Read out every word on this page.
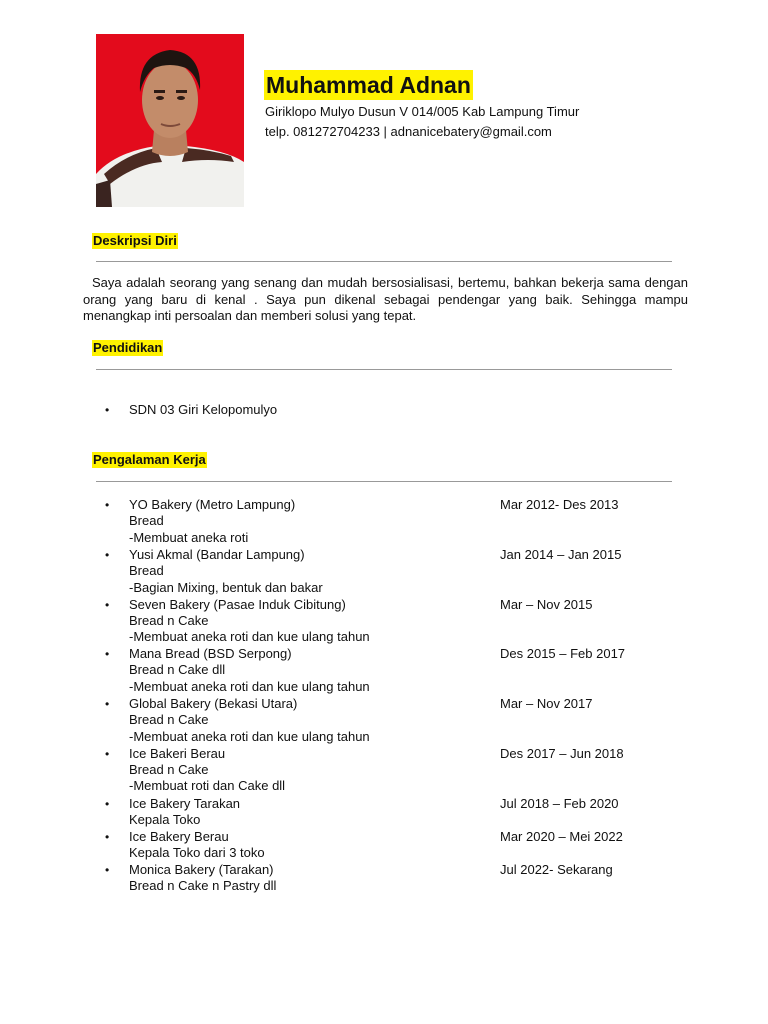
Muhammad Adnan
Giriklopo Mulyo Dusun V 014/005 Kab Lampung Timur
telp. 081272704233 | adnanicebatery@gmail.com
Deskripsi Diri
Saya adalah seorang yang senang dan mudah bersosialisasi, bertemu, bahkan bekerja sama dengan orang yang baru di kenal . Saya pun dikenal sebagai pendengar yang baik. Sehingga mampu menangkap inti persoalan dan memberi solusi yang tepat.
Pendidikan
• SDN 03 Giri Kelopomulyo
Pengalaman Kerja
• YO Bakery (Metro Lampung)	Mar 2012- Des 2013
Bread
-Membuat aneka roti
• Yusi Akmal (Bandar Lampung)	Jan 2014 – Jan 2015
Bread
-Bagian Mixing, bentuk dan bakar
• Seven Bakery (Pasae Induk Cibitung)	Mar – Nov 2015
Bread n Cake
-Membuat aneka roti dan kue ulang tahun
• Mana Bread (BSD Serpong)	Des 2015 – Feb 2017
Bread n Cake dll
-Membuat aneka roti dan kue ulang tahun
• Global Bakery (Bekasi Utara)	Mar – Nov 2017
Bread n Cake
-Membuat aneka roti dan kue ulang tahun
• Ice Bakeri Berau	Des 2017 – Jun 2018
Bread n Cake
-Membuat roti dan Cake dll
• Ice Bakery Tarakan	Jul 2018 – Feb 2020
Kepala Toko
• Ice Bakery Berau	Mar 2020 – Mei 2022
Kepala Toko dari 3 toko
• Monica Bakery (Tarakan)	Jul 2022- Sekarang
Bread n Cake n Pastry dll
